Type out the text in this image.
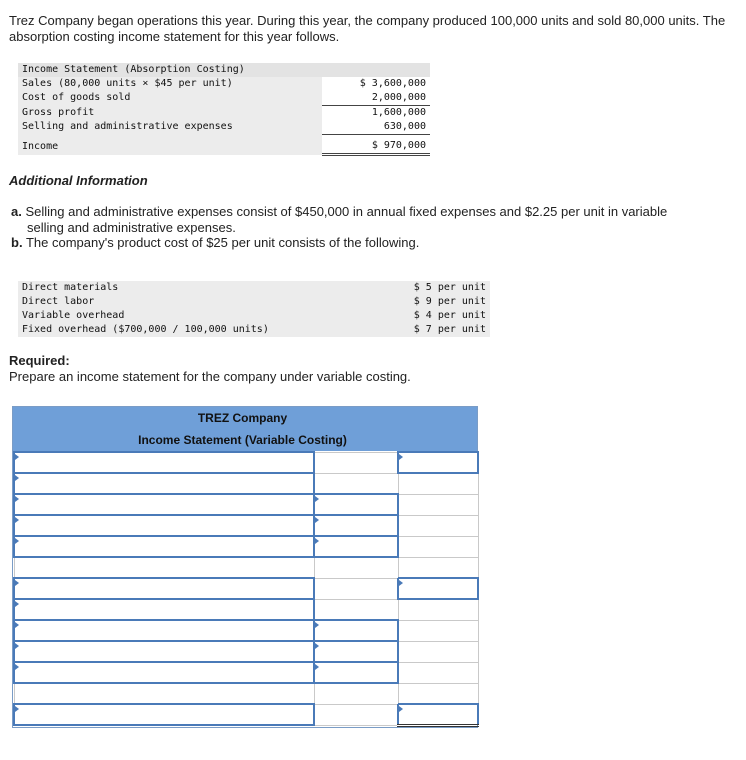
Trez Company began operations this year. During this year, the company produced 100,000 units and sold 80,000 units. The absorption costing income statement for this year follows.
Income Statement (Absorption Costing)	
Sales (80,000 units × $45 per unit)	$ 3,600,000
Cost of goods sold	2,000,000
Gross profit	1,600,000
Selling and administrative expenses	630,000
Income	$ 970,000
Additional Information
a. Selling and administrative expenses consist of $450,000 in annual fixed expenses and $2.25 per unit in variable
selling and administrative expenses.
b. The company's product cost of $25 per unit consists of the following.
Direct materials	$ 5 per unit
Direct labor	$ 9 per unit
Variable overhead	$ 4 per unit
Fixed overhead ($700,000 / 100,000 units)	$ 7 per unit
Required:
Prepare an income statement for the company under variable costing.
TREZ Company
Income Statement (Variable Costing)
